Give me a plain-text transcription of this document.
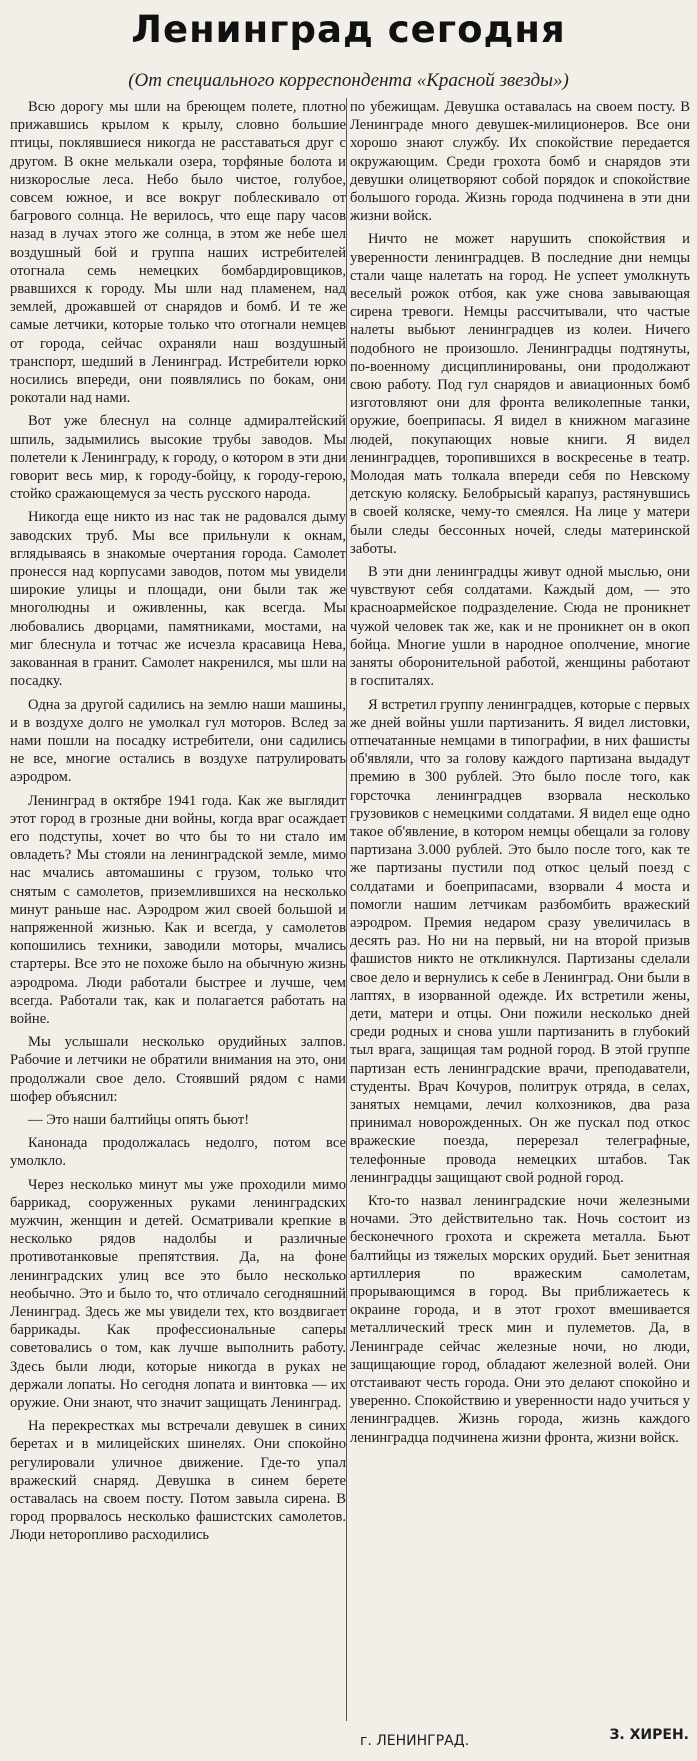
Ленинград сегодня
(От специального корреспондента «Красной звезды»)

Всю дорогу мы шли на бреющем полете, плотно прижавшись крылом к крылу, словно большие птицы, поклявшиеся никогда не расставаться друг с другом. В окне мелькали озера, торфяные болота и низкорослые леса. Небо было чистое, голубое, совсем южное, и все вокруг поблескивало от багрового солнца. Не верилось, что еще пару часов назад в лучах этого же солнца, в этом же небе шел воздушный бой и группа наших истребителей отогнала семь немецких бомбардировщиков, рвавшихся к городу. Мы шли над пламенем, над землей, дрожавшей от снарядов и бомб. И те же самые летчики, которые только что отогнали немцев от города, сейчас охраняли наш воздушный транспорт, шедший в Ленинград. Истребители юрко носились впереди, они появлялись по бокам, они рокотали над нами.

Вот уже блеснул на солнце адмиралтейский шпиль, задымились высокие трубы заводов. Мы полетели к Ленинграду, к городу, о котором в эти дни говорит весь мир, к городу-бойцу, к городу-герою, стойко сражающемуся за честь русского народа.

Никогда еще никто из нас так не радовался дыму заводских труб. Мы все прильнули к окнам, вглядываясь в знакомые очертания города. Самолет пронесся над корпусами заводов, потом мы увидели широкие улицы и площади, они были так же многолюдны и оживленны, как всегда. Мы любовались дворцами, памятниками, мостами, на миг блеснула и тотчас же исчезла красавица Нева, закованная в гранит. Самолет накренился, мы шли на посадку.

Одна за другой садились на землю наши машины, и в воздухе долго не умолкал гул моторов. Вслед за нами пошли на посадку истребители, они садились не все, многие остались в воздухе патрулировать аэродром.

Ленинград в октябре 1941 года. Как же выглядит этот город в грозные дни войны, когда враг осаждает его подступы, хочет во что бы то ни стало им овладеть? Мы стояли на ленинградской земле, мимо нас мчались автомашины с грузом, только что снятым с самолетов, приземлившихся на несколько минут раньше нас. Аэродром жил своей большой и напряженной жизнью. Как и всегда, у самолетов копошились техники, заводили моторы, мчались стартеры. Все это не похоже было на обычную жизнь аэродрома. Люди работали быстрее и лучше, чем всегда. Работали так, как и полагается работать на войне.

Мы услышали несколько орудийных залпов. Рабочие и летчики не обратили внимания на это, они продолжали свое дело. Стоявший рядом с нами шофер объяснил:

— Это наши балтийцы опять бьют!

Канонада продолжалась недолго, потом все умолкло.

Через несколько минут мы уже проходили мимо баррикад, сооруженных руками ленинградских мужчин, женщин и детей. Осматривали крепкие в несколько рядов надолбы и различные противотанковые препятствия. Да, на фоне ленинградских улиц все это было несколько необычно. Это и было то, что отличало сегодняшний Ленинград. Здесь же мы увидели тех, кто воздвигает баррикады. Как профессиональные саперы советовались о том, как лучше выполнить работу. Здесь были люди, которые никогда в руках не держали лопаты. Но сегодня лопата и винтовка — их оружие. Они знают, что значит защищать Ленинград.

На перекрестках мы встречали девушек в синих беретах и в милицейских шинелях. Они спокойно регулировали уличное движение. Где-то упал вражеский снаряд. Девушка в синем берете оставалась на своем посту. Потом завыла сирена. В город прорвалось несколько фашистских самолетов. Люди неторопливо расходились

по убежищам. Девушка оставалась на своем посту. В Ленинграде много девушек-милиционеров. Все они хорошо знают службу. Их спокойствие передается окружающим. Среди грохота бомб и снарядов эти девушки олицетворяют собой порядок и спокойствие большого города. Жизнь города подчинена в эти дни жизни войск.

Ничто не может нарушить спокойствия и уверенности ленинградцев. В последние дни немцы стали чаще налетать на город. Не успеет умолкнуть веселый рожок отбоя, как уже снова завывающая сирена тревоги. Немцы рассчитывали, что частые налеты выбьют ленинградцев из колеи. Ничего подобного не произошло. Ленинградцы подтянуты, по-военному дисциплинированы, они продолжают свою работу. Под гул снарядов и авиационных бомб изготовляют они для фронта великолепные танки, оружие, боеприпасы. Я видел в книжном магазине людей, покупающих новые книги. Я видел ленинградцев, торопившихся в воскресенье в театр. Молодая мать толкала впереди себя по Невскому детскую коляску. Белобрысый карапуз, растянувшись в своей коляске, чему-то смеялся. На лице у матери были следы бессонных ночей, следы материнской заботы.

В эти дни ленинградцы живут одной мыслью, они чувствуют себя солдатами. Каждый дом, — это красноармейское подразделение. Сюда не проникнет чужой человек так же, как и не проникнет он в окоп бойца. Многие ушли в народное ополчение, многие заняты оборонительной работой, женщины работают в госпиталях.

Я встретил группу ленинградцев, которые с первых же дней войны ушли партизанить. Я видел листовки, отпечатанные немцами в типографии, в них фашисты об'являли, что за голову каждого партизана выдадут премию в 300 рублей. Это было после того, как горсточка ленинградцев взорвала несколько грузовиков с немецкими солдатами. Я видел еще одно такое об'явление, в котором немцы обещали за голову партизана 3.000 рублей. Это было после того, как те же партизаны пустили под откос целый поезд с солдатами и боеприпасами, взорвали 4 моста и помогли нашим летчикам разбомбить вражеский аэродром. Премия недаром сразу увеличилась в десять раз. Но ни на первый, ни на второй призыв фашистов никто не откликнулся. Партизаны сделали свое дело и вернулись к себе в Ленинград. Они были в лаптях, в изорванной одежде. Их встретили жены, дети, матери и отцы. Они пожили несколько дней среди родных и снова ушли партизанить в глубокий тыл врага, защищая там родной город. В этой группе партизан есть ленинградские врачи, преподаватели, студенты. Врач Кочуров, политрук отряда, в селах, занятых немцами, лечил колхозников, два раза принимал новорожденных. Он же пускал под откос вражеские поезда, перерезал телеграфные, телефонные провода немецких штабов. Так ленинградцы защищают свой родной город.

Кто-то назвал ленинградские ночи железными ночами. Это действительно так. Ночь состоит из бесконечного грохота и скрежета металла. Бьют балтийцы из тяжелых морских орудий. Бьет зенитная артиллерия по вражеским самолетам, прорывающимся в город. Вы приближаетесь к окраине города, и в этот грохот вмешивается металлический треск мин и пулеметов. Да, в Ленинграде сейчас железные ночи, но люди, защищающие город, обладают железной волей. Они отстаивают честь города. Они это делают спокойно и уверенно. Спокойствию и уверенности надо учиться у ленинградцев. Жизнь города, жизнь каждого ленинградца подчинена жизни фронта, жизни войск.

г. ЛЕНИНГРАД.	З. ХИРЕН.
